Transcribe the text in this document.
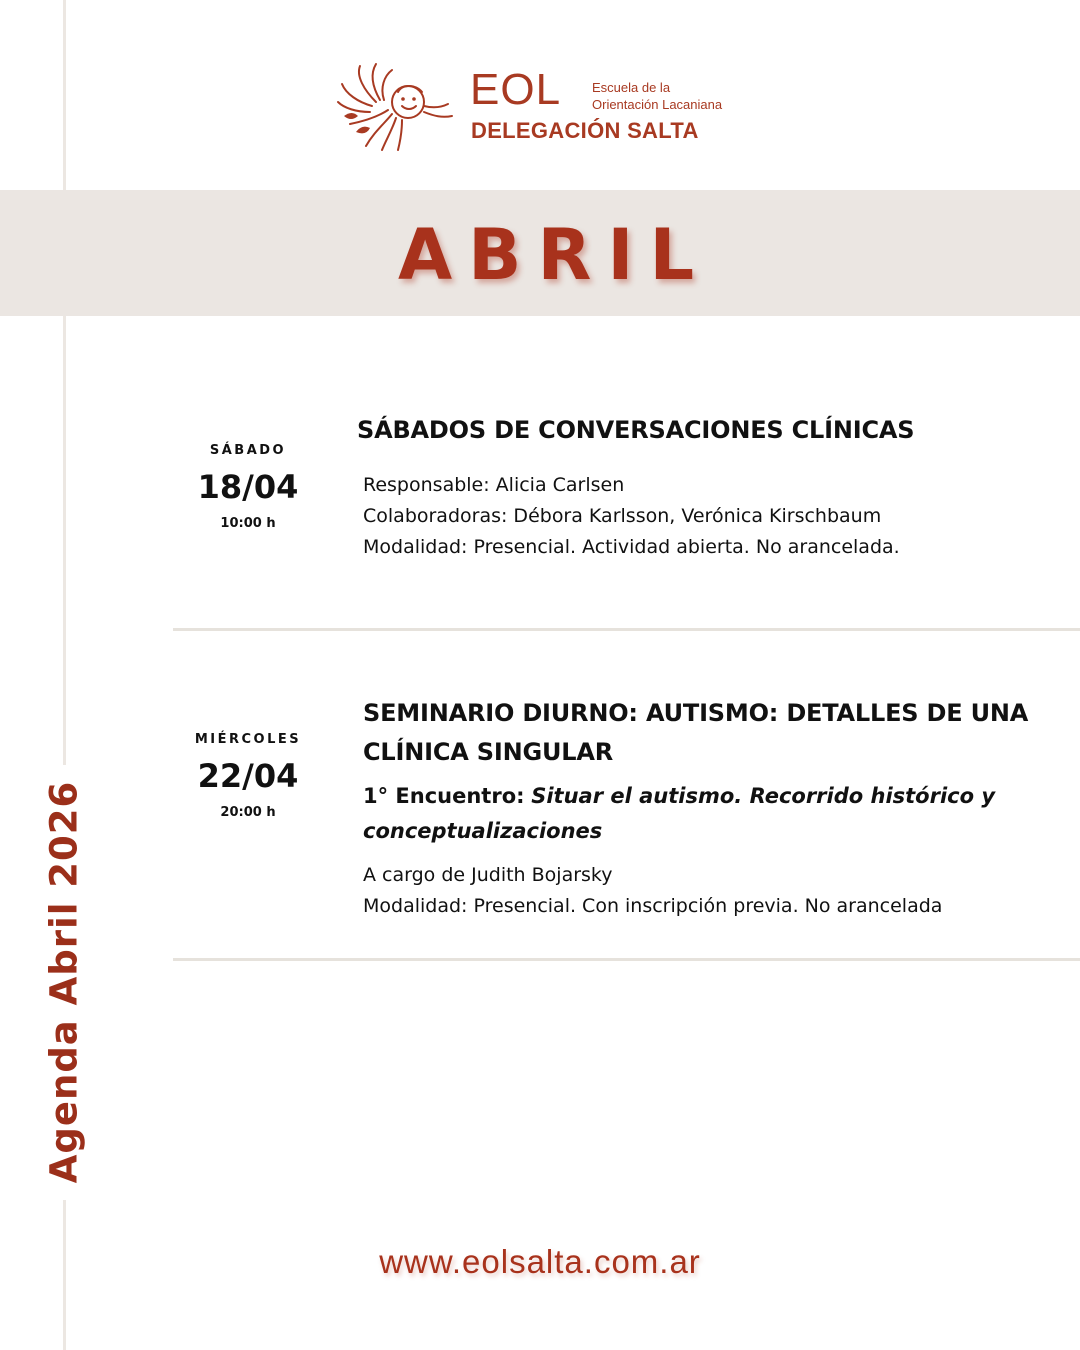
Agenda Abril 2026
EOL Escuela de la
Orientación Lacaniana
DELEGACIÓN SALTA
ABRIL
SÁBADO
18/04
10:00 h
SÁBADOS DE CONVERSACIONES CLÍNICAS
Responsable: Alicia Carlsen
Colaboradoras: Débora Karlsson, Verónica Kirschbaum
Modalidad: Presencial. Actividad abierta. No arancelada.
MIÉRCOLES
22/04
20:00 h
SEMINARIO DIURNO: AUTISMO: DETALLES DE UNA CLÍNICA SINGULAR
1° Encuentro: Situar el autismo. Recorrido histórico y conceptualizaciones
A cargo de Judith Bojarsky
Modalidad: Presencial. Con inscripción previa. No arancelada
www.eolsalta.com.ar
